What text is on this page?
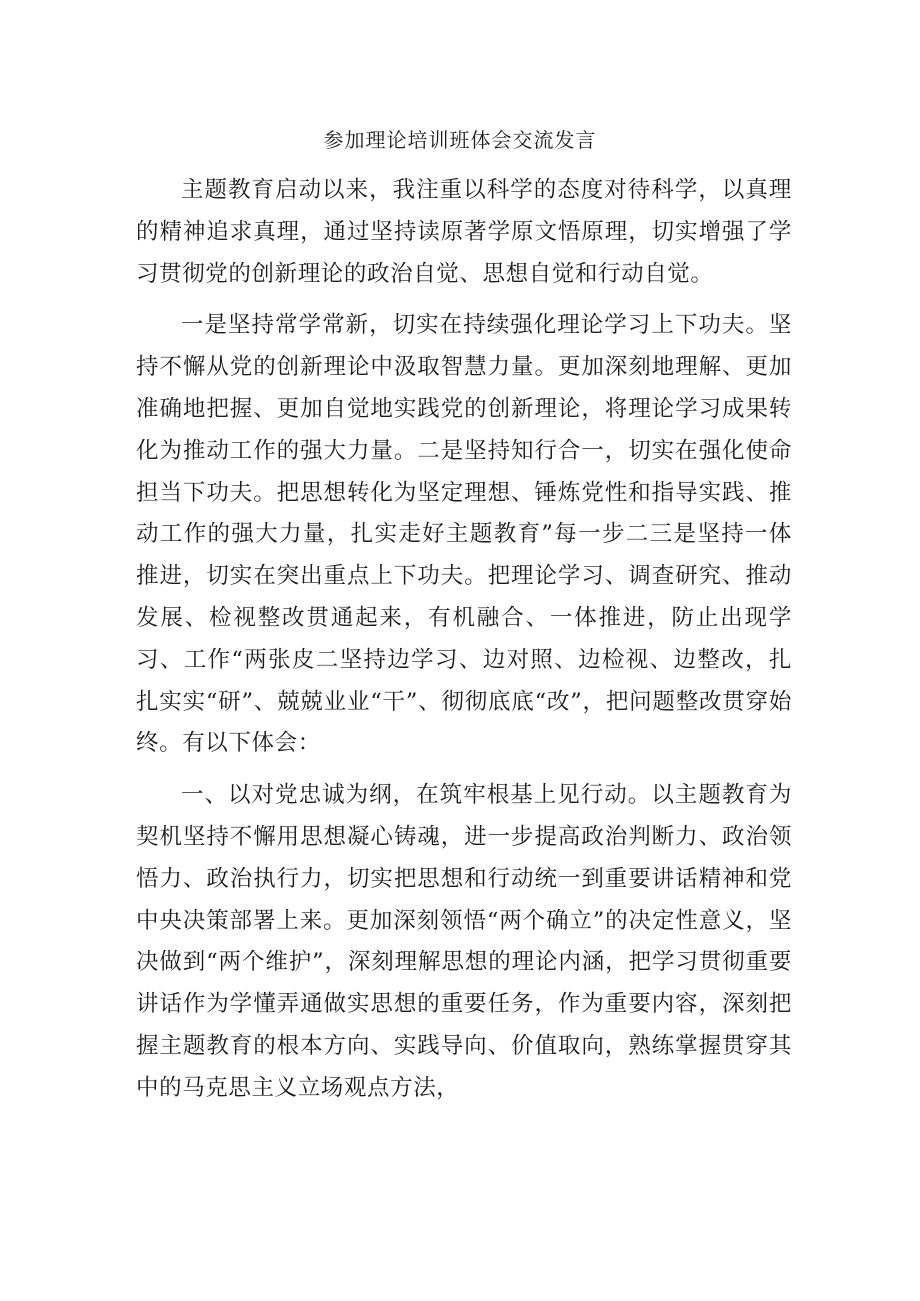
参加理论培训班体会交流发言

主题教育启动以来，我注重以科学的态度对待科学，以真理的精神追求真理，通过坚持读原著学原文悟原理，切实增强了学习贯彻党的创新理论的政治自觉、思想自觉和行动自觉。

一是坚持常学常新，切实在持续强化理论学习上下功夫。坚持不懈从党的创新理论中汲取智慧力量。更加深刻地理解、更加准确地把握、更加自觉地实践党的创新理论，将理论学习成果转化为推动工作的强大力量。二是坚持知行合一，切实在强化使命担当下功夫。把思想转化为坚定理想、锤炼党性和指导实践、推动工作的强大力量，扎实走好主题教育”每一步二三是坚持一体推进，切实在突出重点上下功夫。把理论学习、调查研究、推动发展、检视整改贯通起来，有机融合、一体推进，防止出现学习、工作“两张皮二坚持边学习、边对照、边检视、边整改，扎扎实实“研”、兢兢业业“干”、彻彻底底“改”，把问题整改贯穿始终。有以下体会：

一、以对党忠诚为纲，在筑牢根基上见行动。以主题教育为契机坚持不懈用思想凝心铸魂，进一步提高政治判断力、政治领悟力、政治执行力，切实把思想和行动统一到重要讲话精神和党中央决策部署上来。更加深刻领悟“两个确立”的决定性意义，坚决做到“两个维护”，深刻理解思想的理论内涵，把学习贯彻重要讲话作为学懂弄通做实思想的重要任务，作为重要内容，深刻把握主题教育的根本方向、实践导向、价值取向，熟练掌握贯穿其中的马克思主义立场观点方法，
